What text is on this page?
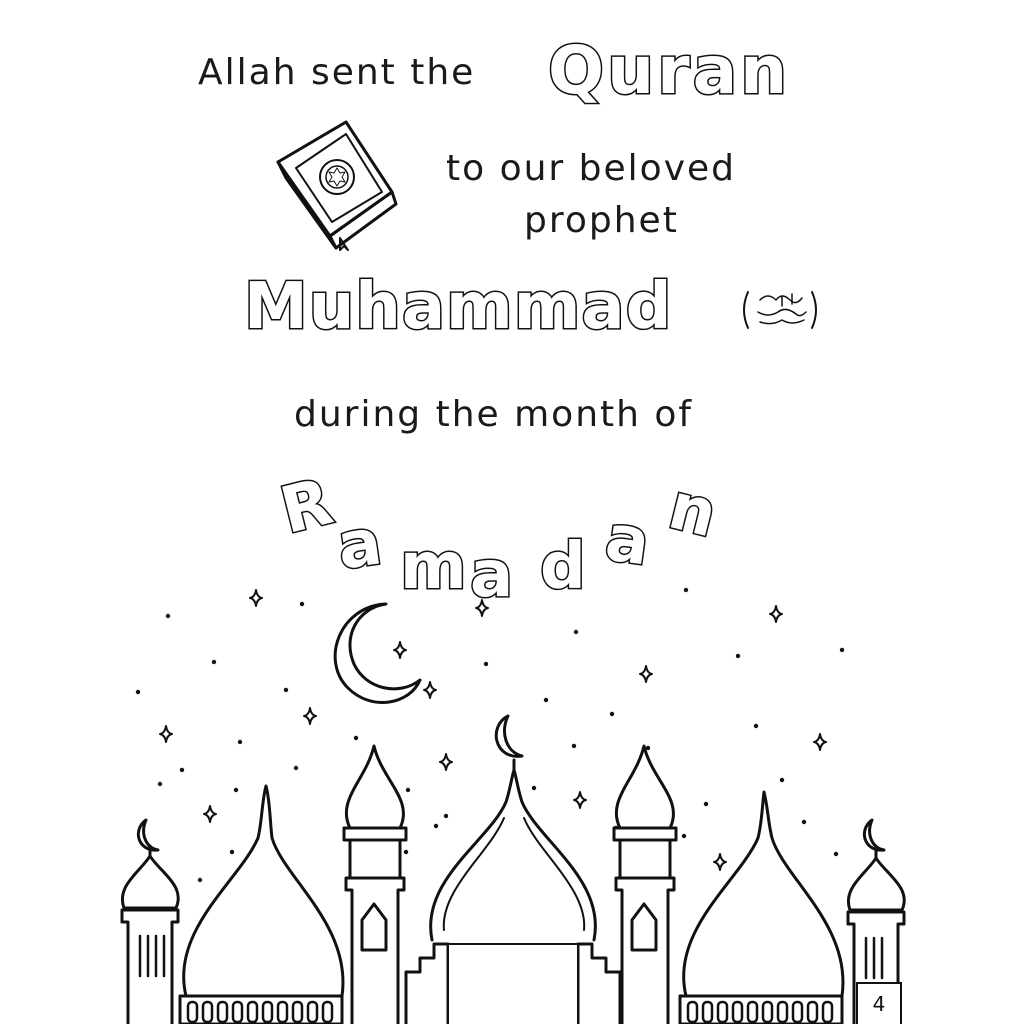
Allah sent the Quran
to our beloved
prophet
Muhammad
during the month of
R
a m a d a n
4
